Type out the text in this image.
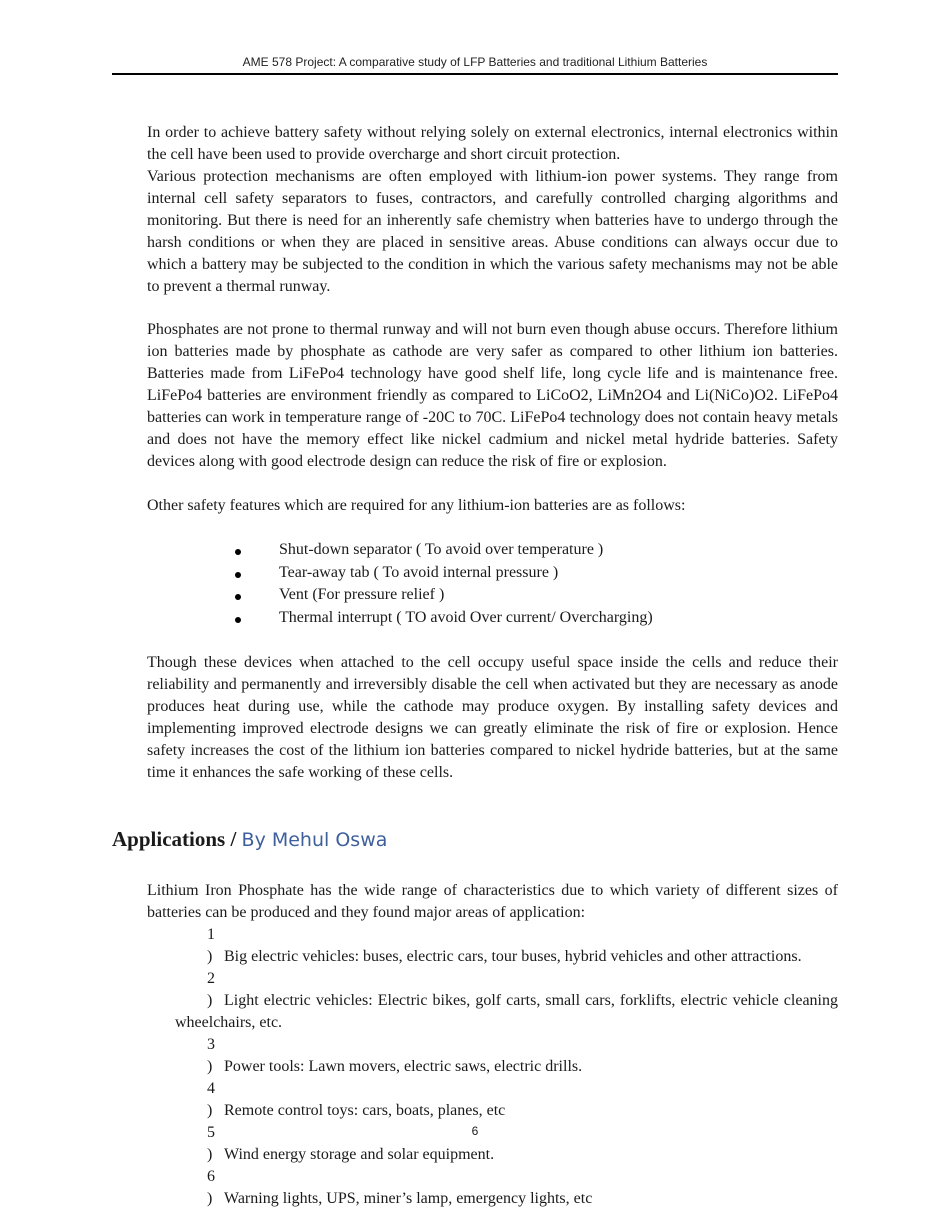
AME 578 Project: A comparative study of LFP Batteries and traditional Lithium Batteries

In order to achieve battery safety without relying solely on external electronics, internal electronics within the cell have been used to provide overcharge and short circuit protection.

Various protection mechanisms are often employed with lithium-ion power systems. They range from internal cell safety separators to fuses, contractors, and carefully controlled charging algorithms and monitoring. But there is need for an inherently safe chemistry when batteries have to undergo through the harsh conditions or when they are placed in sensitive areas. Abuse conditions can always occur due to which a battery may be subjected to the condition in which the various safety mechanisms may not be able to prevent a thermal runway.

Phosphates are not prone to thermal runway and will not burn even though abuse occurs. Therefore lithium ion batteries made by phosphate as cathode are very safer as compared to other lithium ion batteries. Batteries made from LiFePo4 technology have good shelf life, long cycle life and is maintenance free. LiFePo4 batteries are environment friendly as compared to LiCoO2, LiMn2O4 and Li(NiCo)O2. LiFePo4 batteries can work in temperature range of -20C to 70C. LiFePo4 technology does not contain heavy metals and does not have the memory effect like nickel cadmium and nickel metal hydride batteries. Safety devices along with good electrode design can reduce the risk of fire or explosion.

Other safety features which are required for any lithium-ion batteries are as follows:

Shut-down separator ( To avoid over temperature )
Tear-away tab ( To avoid internal pressure )
Vent (For pressure relief )
Thermal interrupt ( TO avoid Over current/ Overcharging)

Though these devices when attached to the cell occupy useful space inside the cells and reduce their reliability and permanently and irreversibly disable the cell when activated but they are necessary as anode produces heat during use, while the cathode may produce oxygen. By installing safety devices and implementing improved electrode designs we can greatly eliminate the risk of fire or explosion. Hence safety increases the cost of the lithium ion batteries compared to nickel hydride batteries, but at the same time it enhances the safe working of these cells.

Applications / By Mehul Oswa

Lithium Iron Phosphate has the wide range of characteristics due to which variety of different sizes of batteries can be produced and they found major areas of application:

1 ) Big electric vehicles: buses, electric cars, tour buses, hybrid vehicles and other attractions.
2 ) Light electric vehicles: Electric bikes, golf carts, small cars, forklifts, electric vehicle cleaning wheelchairs, etc.
3 ) Power tools: Lawn movers, electric saws, electric drills.
4 ) Remote control toys: cars, boats, planes, etc
5 ) Wind energy storage and solar equipment.
6 ) Warning lights, UPS, miner’s lamp, emergency lights, etc
6
